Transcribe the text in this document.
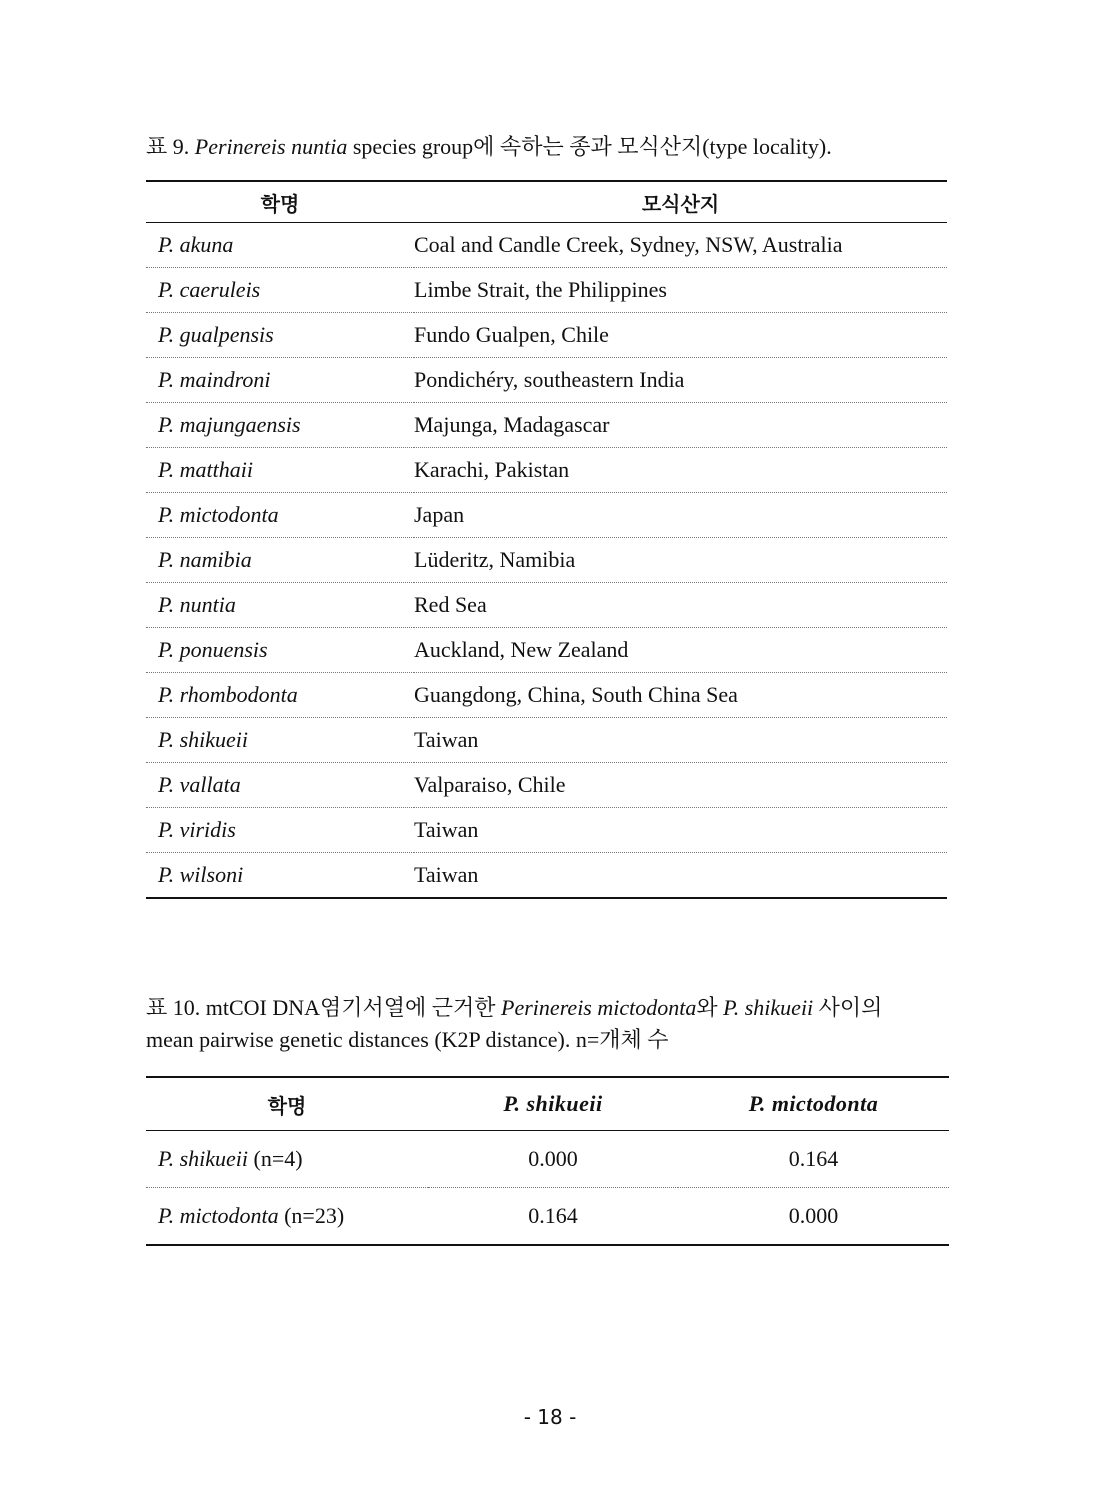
표 9. Perinereis nuntia species group에 속하는 종과 모식산지(type locality).
학명	모식산지
P. akuna	Coal and Candle Creek, Sydney, NSW, Australia
P. caeruleis	Limbe Strait, the Philippines
P. gualpensis	Fundo Gualpen, Chile
P. maindroni	Pondichéry, southeastern India
P. majungaensis	Majunga, Madagascar
P. matthaii	Karachi, Pakistan
P. mictodonta	Japan
P. namibia	Lüderitz, Namibia
P. nuntia	Red Sea
P. ponuensis	Auckland, New Zealand
P. rhombodonta	Guangdong, China, South China Sea
P. shikueii	Taiwan
P. vallata	Valparaiso, Chile
P. viridis	Taiwan
P. wilsoni	Taiwan
표 10. mtCOI DNA염기서열에 근거한 Perinereis mictodonta와 P. shikueii 사이의
mean pairwise genetic distances (K2P distance). n=개체 수
학명	P. shikueii	P. mictodonta
P. shikueii (n=4)	0.000	0.164
P. mictodonta (n=23)	0.164	0.000
- 18 -
